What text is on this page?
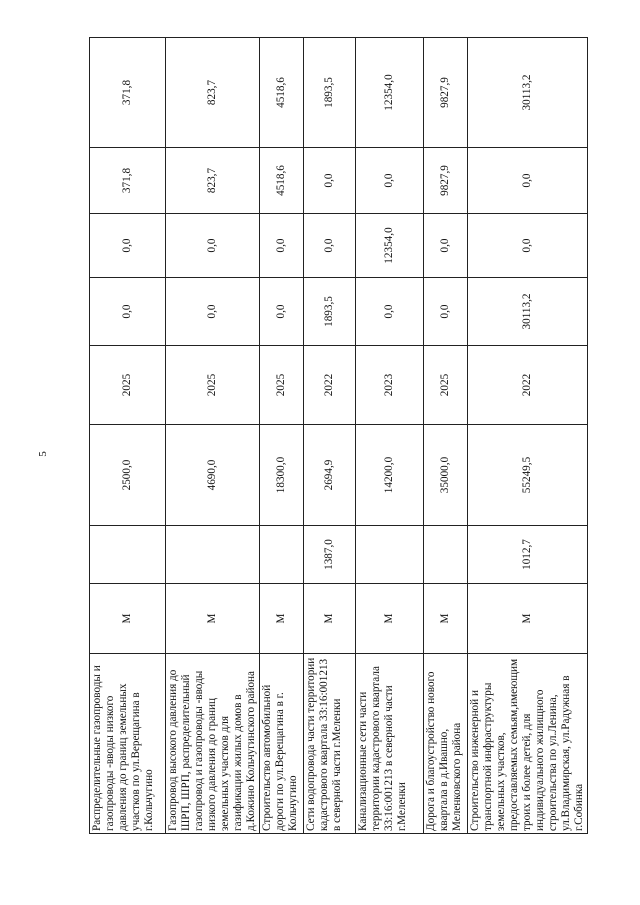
5
Распределительные газопроводы и газопроводы -вводы низкого давления до границ земельных участков по ул.Верещагина в г.Кольчугино	М		2500,0	2025	0,0	0,0	371,8	371,8
Газопровод высокого давления до ШРП, ШРП, распределительный газопровод и газопроводы -вводы низкого давления до границ земельных участков для газификации жилых домов в д.Кожино Кольчугинского района	М		4690,0	2025	0,0	0,0	823,7	823,7
Строительство автомобильной дороги по ул.Верещагина в г. Кольчугино	М		18300,0	2025	0,0	0,0	4518,6	4518,6
Сети водопровода части территории кадастрового квартала 33:16:001213 в северной части г.Меленки	М	1387,0	2694,9	2022	1893,5	0,0	0,0	1893,5
Канализационные сети части территории кадастрового квартала 33:16:001213 в северной части г.Меленки	М		14200,0	2023	0,0	12354,0	0,0	12354,0
Дорога и благоустройство нового квартала в д.Ивашно, Меленковского района	М		35000,0	2025	0,0	0,0	9827,9	9827,9
Строительство инженерной и транспортной инфраструктуры земельных участков, предоставляемых семьям,имеющим троих и более детей, для индивидуального жилищного строительства по ул.Ленина, ул.Владимирская, ул.Радужная в г.Собинка	М	1012,7	55249,5	2022	30113,2	0,0	0,0	30113,2
